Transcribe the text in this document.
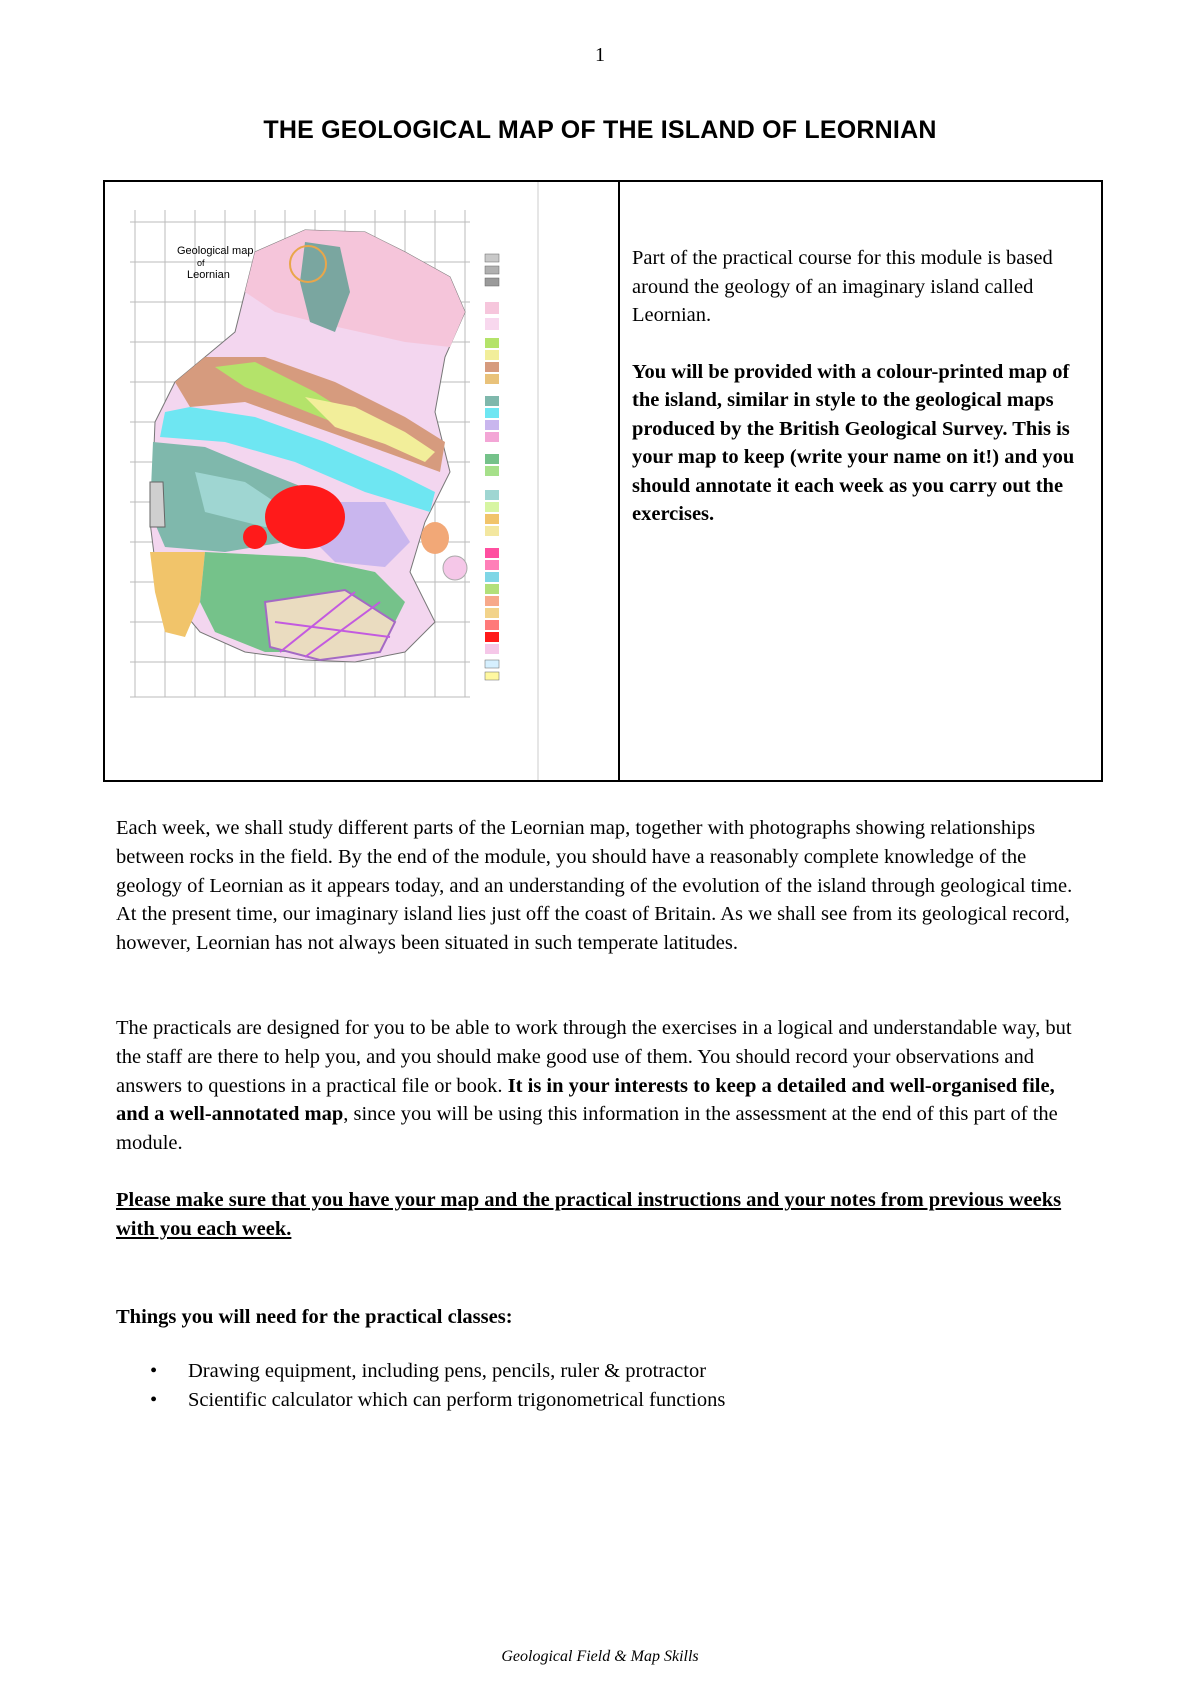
1
THE GEOLOGICAL MAP OF THE ISLAND OF LEORNIAN
Geological map
of
Leornian

Part of the practical course for this module is based around the geology of an imaginary island called Leornian.

You will be provided with a colour-printed map of the island, similar in style to the geological maps produced by the British Geological Survey. This is your map to keep (write your name on it!) and you should annotate it each week as you carry out the exercises.

Each week, we shall study different parts of the Leornian map, together with photographs showing relationships between rocks in the field. By the end of the module, you should have a reasonably complete knowledge of the geology of Leornian as it appears today, and an understanding of the evolution of the island through geological time. At the present time, our imaginary island lies just off the coast of Britain. As we shall see from its geological record, however, Leornian has not always been situated in such temperate latitudes.

The practicals are designed for you to be able to work through the exercises in a logical and understandable way, but the staff are there to help you, and you should make good use of them. You should record your observations and answers to questions in a practical file or book. It is in your interests to keep a detailed and well-organised file, and a well-annotated map, since you will be using this information in the assessment at the end of this part of the module.

Please make sure that you have your map and the practical instructions and your notes from previous weeks with you each week.

Things you will need for the practical classes:

• Drawing equipment, including pens, pencils, ruler & protractor
• Scientific calculator which can perform trigonometrical functions
Geological Field & Map Skills
